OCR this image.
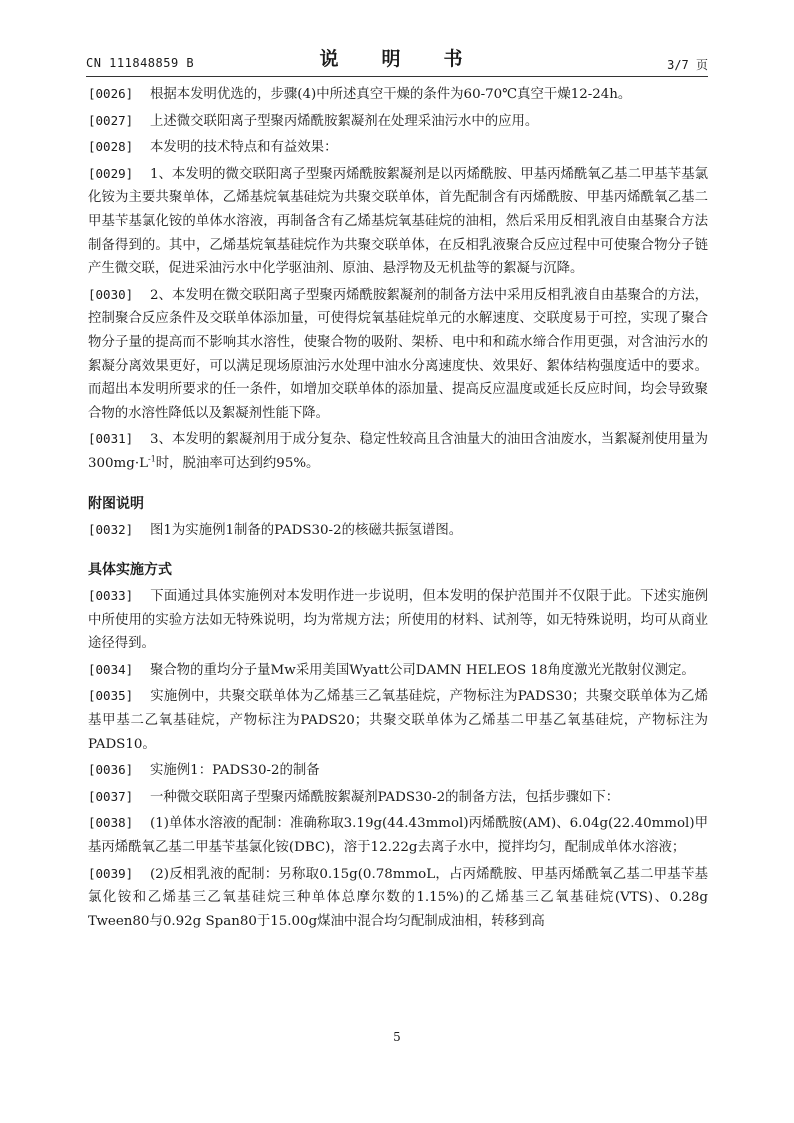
CN 111848859 B	说　明　书	3/7 页

[0026] 根据本发明优选的，步骤(4)中所述真空干燥的条件为60-70℃真空干燥12-24h。

[0027] 上述微交联阳离子型聚丙烯酰胺絮凝剂在处理采油污水中的应用。

[0028] 本发明的技术特点和有益效果：

[0029] 1、本发明的微交联阳离子型聚丙烯酰胺絮凝剂是以丙烯酰胺、甲基丙烯酰氧乙基二甲基苄基氯化铵为主要共聚单体，乙烯基烷氧基硅烷为共聚交联单体，首先配制含有丙烯酰胺、甲基丙烯酰氧乙基二甲基苄基氯化铵的单体水溶液，再制备含有乙烯基烷氧基硅烷的油相，然后采用反相乳液自由基聚合方法制备得到的。其中，乙烯基烷氧基硅烷作为共聚交联单体，在反相乳液聚合反应过程中可使聚合物分子链产生微交联，促进采油污水中化学驱油剂、原油、悬浮物及无机盐等的絮凝与沉降。

[0030] 2、本发明在微交联阳离子型聚丙烯酰胺絮凝剂的制备方法中采用反相乳液自由基聚合的方法，控制聚合反应条件及交联单体添加量，可使得烷氧基硅烷单元的水解速度、交联度易于可控，实现了聚合物分子量的提高而不影响其水溶性，使聚合物的吸附、架桥、电中和和疏水缔合作用更强，对含油污水的絮凝分离效果更好，可以满足现场原油污水处理中油水分离速度快、效果好、絮体结构强度适中的要求。而超出本发明所要求的任一条件，如增加交联单体的添加量、提高反应温度或延长反应时间，均会导致聚合物的水溶性降低以及絮凝剂性能下降。

[0031] 3、本发明的絮凝剂用于成分复杂、稳定性较高且含油量大的油田含油废水，当絮凝剂使用量为$300mg\cdot L^{-1}$时，脱油率可达到约95%。

附图说明

[0032] 图1为实施例1制备的PADS30-2的核磁共振氢谱图。

具体实施方式

[0033] 下面通过具体实施例对本发明作进一步说明，但本发明的保护范围并不仅限于此。下述实施例中所使用的实验方法如无特殊说明，均为常规方法；所使用的材料、试剂等，如无特殊说明，均可从商业途径得到。

[0034] 聚合物的重均分子量Mw采用美国Wyatt公司DAMN HELEOS 18角度激光光散射仪测定。

[0035] 实施例中，共聚交联单体为乙烯基三乙氧基硅烷，产物标注为PADS30；共聚交联单体为乙烯基甲基二乙氧基硅烷，产物标注为PADS20；共聚交联单体为乙烯基二甲基乙氧基硅烷，产物标注为PADS10。

[0036] 实施例1：PADS30-2的制备

[0037] 一种微交联阳离子型聚丙烯酰胺絮凝剂PADS30-2的制备方法，包括步骤如下：

[0038] (1)单体水溶液的配制：准确称取3.19g(44.43mmol)丙烯酰胺(AM)、6.04g(22.40mmol)甲基丙烯酰氧乙基二甲基苄基氯化铵(DBC)，溶于12.22g去离子水中，搅拌均匀，配制成单体水溶液；

[0039] (2)反相乳液的配制：另称取0.15g(0.78mmoL，占丙烯酰胺、甲基丙烯酰氧乙基二甲基苄基氯化铵和乙烯基三乙氧基硅烷三种单体总摩尔数的1.15%)的乙烯基三乙氧基硅烷(VTS)、0.28g Tween80与0.92g Span80于15.00g煤油中混合均匀配制成油相，转移到高

5
